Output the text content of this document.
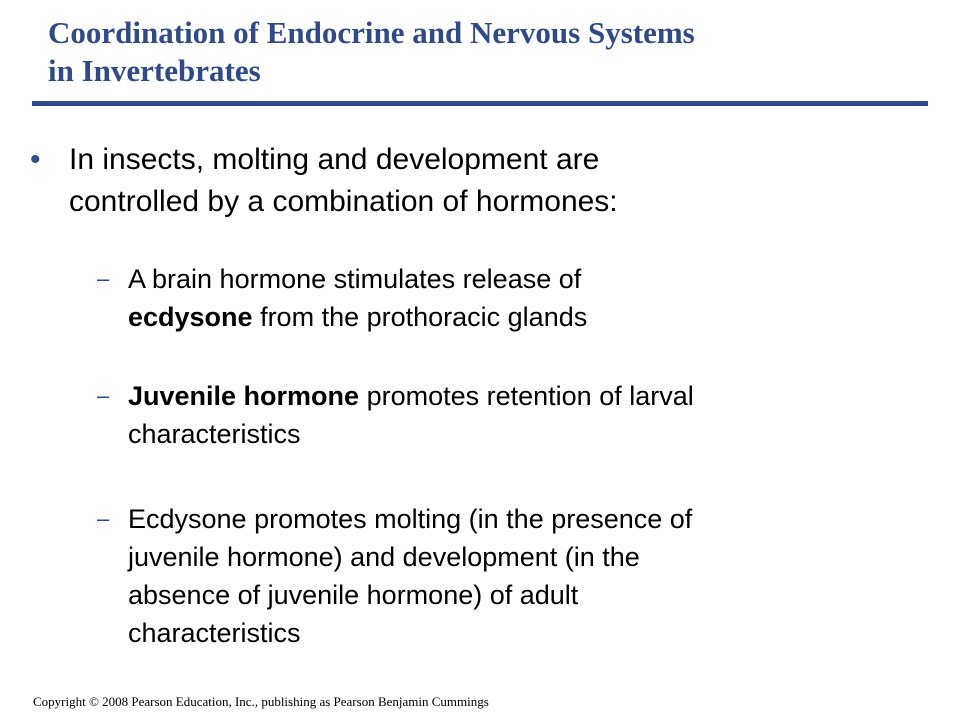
Coordination of Endocrine and Nervous Systems
in Invertebrates
• In insects, molting and development are
controlled by a combination of hormones:
– A brain hormone stimulates release of
ecdysone from the prothoracic glands
– Juvenile hormone promotes retention of larval
characteristics
– Ecdysone promotes molting (in the presence of
juvenile hormone) and development (in the
absence of juvenile hormone) of adult
characteristics
Copyright © 2008 Pearson Education, Inc., publishing as Pearson Benjamin Cummings
